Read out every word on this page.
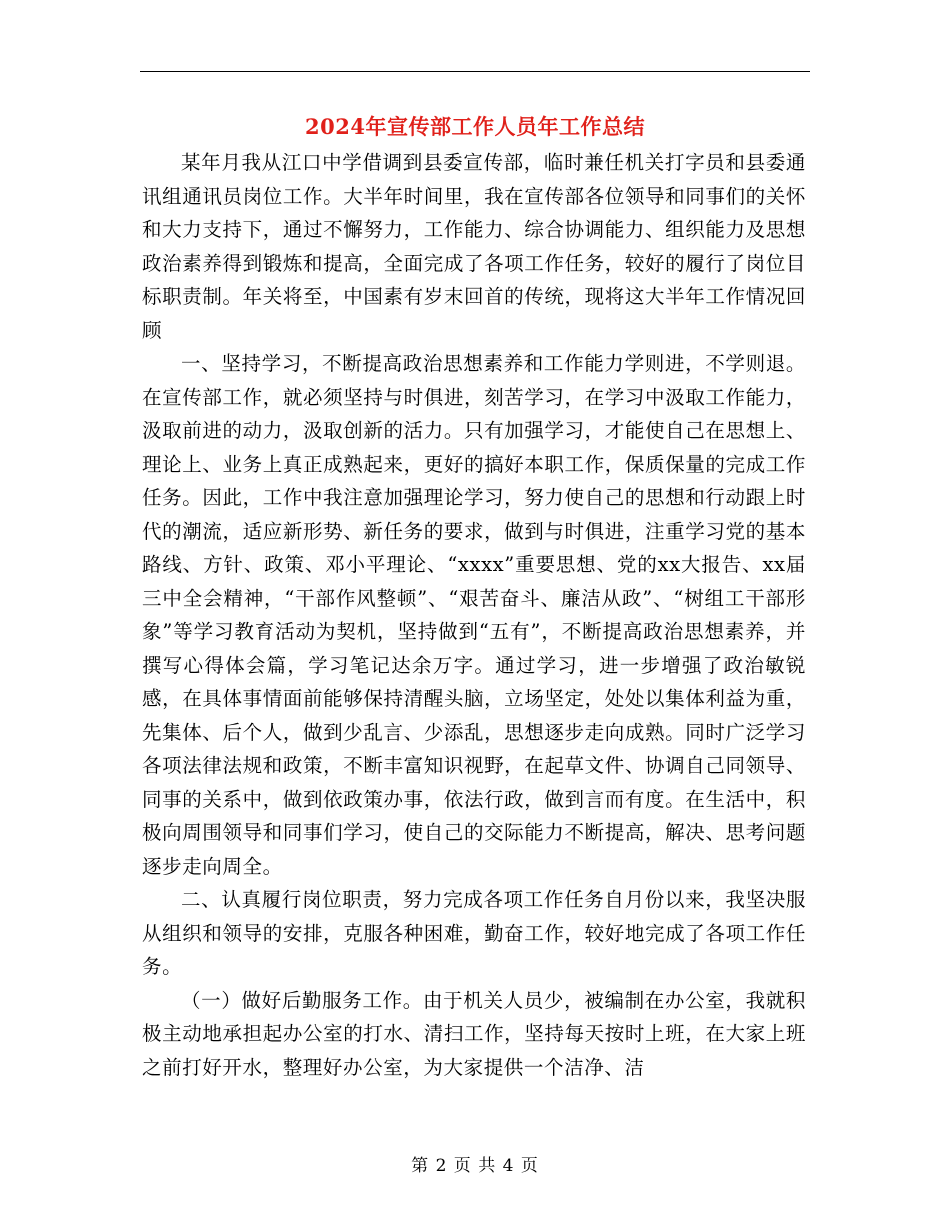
2024年宣传部工作人员年工作总结

某年月我从江口中学借调到县委宣传部，临时兼任机关打字员和县委通讯组通讯员岗位工作。大半年时间里，我在宣传部各位领导和同事们的关怀和大力支持下，通过不懈努力，工作能力、综合协调能力、组织能力及思想政治素养得到锻炼和提高，全面完成了各项工作任务，较好的履行了岗位目标职责制。年关将至，中国素有岁末回首的传统，现将这大半年工作情况回顾

一、坚持学习，不断提高政治思想素养和工作能力学则进，不学则退。在宣传部工作，就必须坚持与时俱进，刻苦学习，在学习中汲取工作能力，汲取前进的动力，汲取创新的活力。只有加强学习，才能使自己在思想上、理论上、业务上真正成熟起来，更好的搞好本职工作，保质保量的完成工作任务。因此，工作中我注意加强理论学习，努力使自己的思想和行动跟上时代的潮流，适应新形势、新任务的要求，做到与时俱进，注重学习党的基本路线、方针、政策、邓小平理论、“xxxx”重要思想、党的xx大报告、xx届三中全会精神，“干部作风整顿”、“艰苦奋斗、廉洁从政”、“树组工干部形象”等学习教育活动为契机，坚持做到“五有”，不断提高政治思想素养，并撰写心得体会篇，学习笔记达余万字。通过学习，进一步增强了政治敏锐感，在具体事情面前能够保持清醒头脑，立场坚定，处处以集体利益为重，先集体、后个人，做到少乱言、少添乱，思想逐步走向成熟。同时广泛学习各项法律法规和政策，不断丰富知识视野，在起草文件、协调自己同领导、同事的关系中，做到依政策办事，依法行政，做到言而有度。在生活中，积极向周围领导和同事们学习，使自己的交际能力不断提高，解决、思考问题逐步走向周全。

二、认真履行岗位职责，努力完成各项工作任务自月份以来，我坚决服从组织和领导的安排，克服各种困难，勤奋工作，较好地完成了各项工作任务。

（一）做好后勤服务工作。由于机关人员少，被编制在办公室，我就积极主动地承担起办公室的打水、清扫工作，坚持每天按时上班，在大家上班之前打好开水，整理好办公室，为大家提供一个洁净、洁

第 2 页 共 4 页
